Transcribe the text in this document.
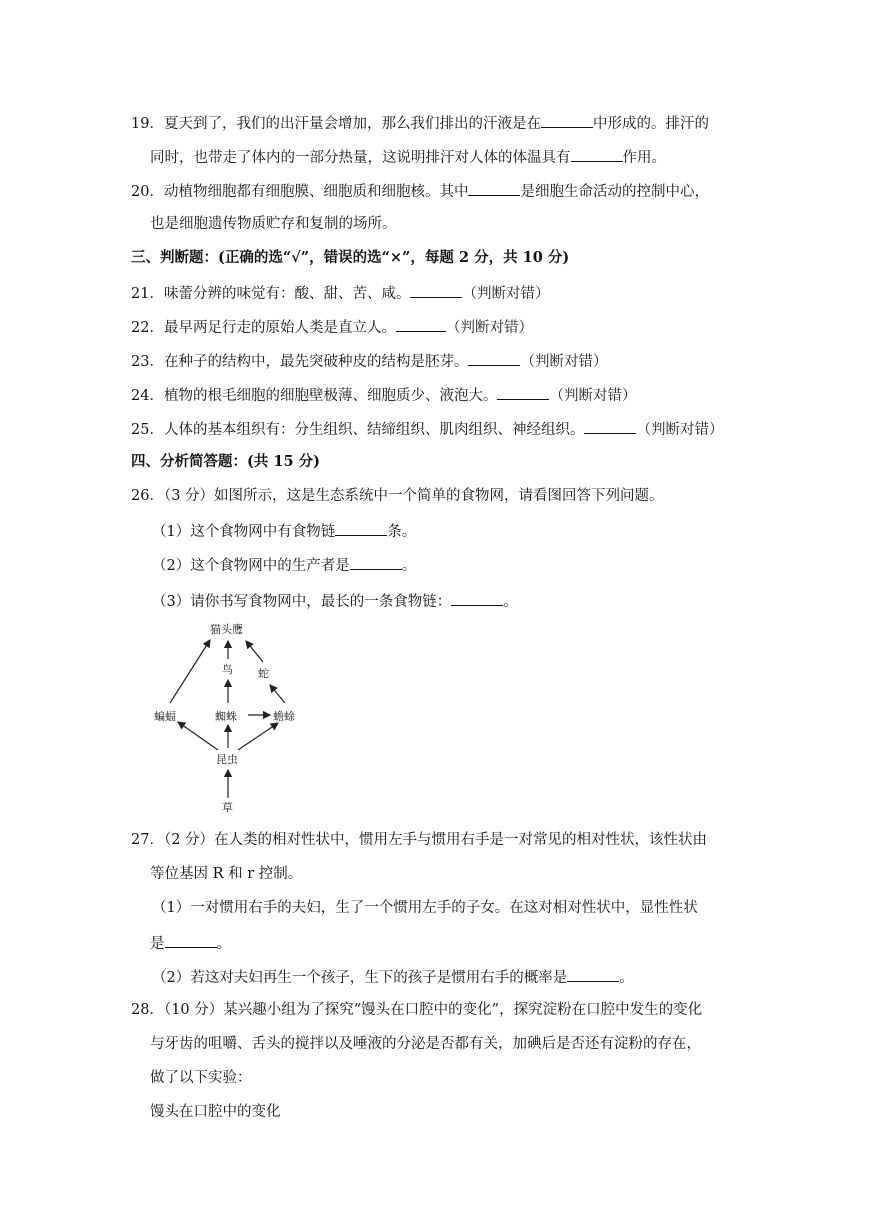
19．夏天到了，我们的出汗量会增加，那么我们排出的汗液是在	中形成的。排汗的
同时，也带走了体内的一部分热量，这说明排汗对人体的体温具有	作用。
20．动植物细胞都有细胞膜、细胞质和细胞核。其中	是细胞生命活动的控制中心，
也是细胞遗传物质贮存和复制的场所。
三、判断题：(正确的选“√”，错误的选“×”，每题 2 分，共 10 分)
21．味蕾分辨的味觉有：酸、甜、苦、咸。	（判断对错）
22．最早两足行走的原始人类是直立人。	（判断对错）
23．在种子的结构中，最先突破种皮的结构是胚芽。	（判断对错）
24．植物的根毛细胞的细胞壁极薄、细胞质少、液泡大。	（判断对错）
25．人体的基本组织有：分生组织、结缔组织、肌肉组织、神经组织。	（判断对错）
四、分析简答题：(共 15 分)
26．（3 分）如图所示，这是生态系统中一个简单的食物网，请看图回答下列问题。
（1）这个食物网中有食物链	条。
（2）这个食物网中的生产者是	。
（3）请你书写食物网中，最长的一条食物链：	。
猫头鹰
鸟 蛇
蝙蝠	蜘蛛	蟾蜍
昆虫
草
27．（2 分）在人类的相对性状中，惯用左手与惯用右手是一对常见的相对性状，该性状由
等位基因 R 和 r 控制。
（1）一对惯用右手的夫妇，生了一个惯用左手的子女。在这对相对性状中，显性性状
是	。
（2）若这对夫妇再生一个孩子，生下的孩子是惯用右手的概率是	。
28．（10 分）某兴趣小组为了探究“馒头在口腔中的变化”，探究淀粉在口腔中发生的变化
与牙齿的咀嚼、舌头的搅拌以及唾液的分泌是否都有关，加碘后是否还有淀粉的存在，
做了以下实验：
馒头在口腔中的变化
